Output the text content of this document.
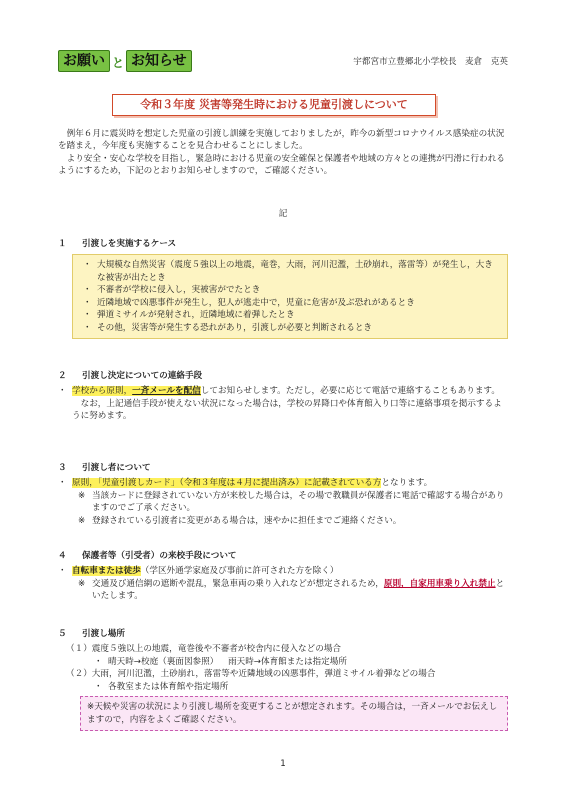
お願い と お知らせ	宇都宮市立豊郷北小学校長　麦倉　克英
令和３年度 災害等発生時における児童引渡しについて

例年６月に震災時を想定した児童の引渡し訓練を実施しておりましたが，昨今の新型コロナウイルス感染症の状況を踏まえ，今年度も実施することを見合わせることにしました。

より安全・安心な学校を目指し，緊急時における児童の安全確保と保護者や地域の方々との連携が円滑に行われるようにするため，下記のとおりお知らせしますので，ご確認ください。

記
１	引渡しを実施するケース
・ 大規模な自然災害（震度５強以上の地震，竜巻，大雨，河川氾濫，土砂崩れ，落雷等）が発生し，大きな被害が出たとき
・ 不審者が学校に侵入し，実被害がでたとき
・ 近隣地域で凶悪事件が発生し，犯人が逃走中で，児童に危害が及ぶ恐れがあるとき
・ 弾道ミサイルが発射され，近隣地域に着弾したとき
・ その他，災害等が発生する恐れがあり，引渡しが必要と判断されるとき
２	引渡し決定についての連絡手段
・ 学校から原則，一斉メールを配信してお知らせします。ただし，必要に応じて電話で連絡することもあります。
なお，上記通信手段が使えない状況になった場合は，学校の昇降口や体育館入り口等に連絡事項を掲示するように努めます。
３	引渡し者について
・ 原則，「児童引渡しカード」（令和３年度は４月に提出済み）に記載されている方となります。
※ 当該カードに登録されていない方が来校した場合は，その場で教職員が保護者に電話で確認する場合がありますのでご了承ください。
※ 登録されている引渡者に変更がある場合は，速やかに担任までご連絡ください。
４	保護者等（引受者）の来校手段について
・ 自転車または徒歩（学区外通学家庭及び事前に許可された方を除く）
※ 交通及び通信網の遮断や混乱，緊急車両の乗り入れなどが想定されるため，原則，自家用車乗り入れ禁止といたします。
５	引渡し場所
（１）震度５強以上の地震，竜巻後や不審者が校舎内に侵入などの場合
・ 晴天時→校庭（裏面図参照）	雨天時→体育館または指定場所
（２）大雨，河川氾濫，土砂崩れ，落雷等や近隣地域の凶悪事件，弾道ミサイル着弾などの場合
・ 各教室または体育館や指定場所
※天候や災害の状況により引渡し場所を変更することが想定されます。その場合は，一斉メールでお伝えしますので，内容をよくご確認ください。
1
